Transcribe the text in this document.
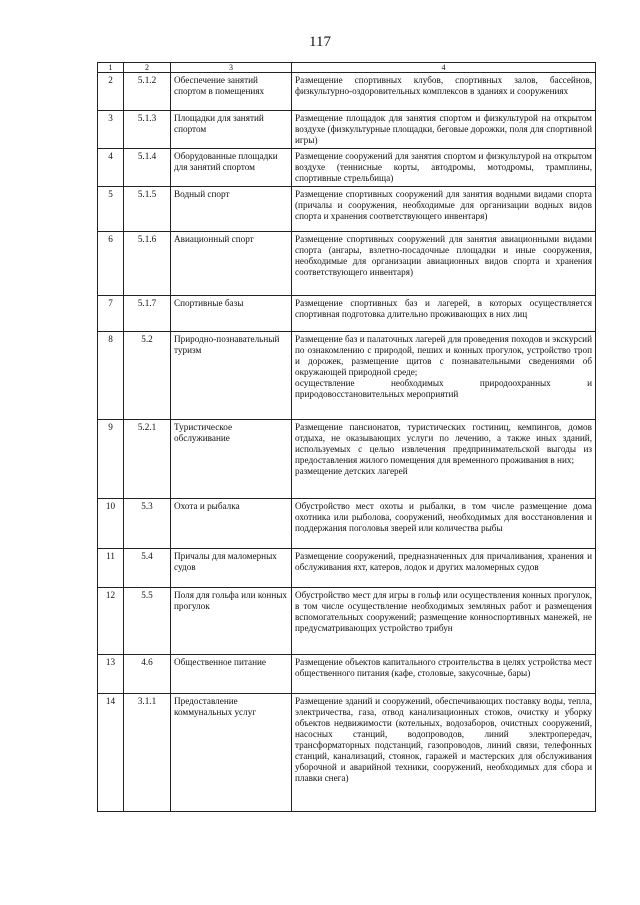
117
1	2	3	4
2	5.1.2	Обеспечение занятий спортом в помещениях	Размещение спортивных клубов, спортивных залов, бассейнов, физкультурно-оздоровительных комплексов в зданиях и сооружениях

3	5.1.3	Площадки для занятий спортом	Размещение площадок для занятия спортом и физкультурой на открытом воздухе (физкультурные площадки, беговые дорожки, поля для спортивной игры)

4	5.1.4	Оборудованные площадки для занятий спортом	Размещение сооружений для занятия спортом и физкультурой на открытом воздухе (теннисные корты, автодромы, мотодромы, трамплины, спортивные стрельбища)

5	5.1.5	Водный спорт	Размещение спортивных сооружений для занятия водными видами спорта (причалы и сооружения, необходимые для организации водных видов спорта и хранения соответствующего инвентаря)

6	5.1.6	Авиационный спорт	Размещение спортивных сооружений для занятия авиационными видами спорта (ангары, взлетно-посадочные площадки и иные сооружения, необходимые для организации авиационных видов спорта и хранения соответствующего инвентаря)

7	5.1.7	Спортивные базы	Размещение спортивных баз и лагерей, в которых осуществляется спортивная подготовка длительно проживающих в них лиц

8	5.2	Природно-познавательный туризм	Размещение баз и палаточных лагерей для проведения походов и экскурсий по ознакомлению с природой, пеших и конных прогулок, устройство троп и дорожек, размещение щитов с познавательными сведениями об окружающей природной среде;
осуществление необходимых природоохранных и природовосстановительных мероприятий

9	5.2.1	Туристическое обслуживание	Размещение пансионатов, туристических гостиниц, кемпингов, домов отдыха, не оказывающих услуги по лечению, а также иных зданий, используемых с целью извлечения предпринимательской выгоды из предоставления жилого помещения для временного проживания в них;
размещение детских лагерей

10	5.3	Охота и рыбалка	Обустройство мест охоты и рыбалки, в том числе размещение дома охотника или рыболова, сооружений, необходимых для восстановления и поддержания поголовья зверей или количества рыбы

11	5.4	Причалы для маломерных судов	Размещение сооружений, предназначенных для причаливания, хранения и обслуживания яхт, катеров, лодок и других маломерных судов

12	5.5	Поля для гольфа или конных прогулок	Обустройство мест для игры в гольф или осуществления конных прогулок, в том числе осуществление необходимых земляных работ и размещения вспомогательных сооружений; размещение конноспортивных манежей, не предусматривающих устройство трибун

13	4.6	Общественное питание	Размещение объектов капитального строительства в целях устройства мест общественного питания (кафе, столовые, закусочные, бары)

14	3.1.1	Предоставление коммунальных услуг	Размещение зданий и сооружений, обеспечивающих поставку воды, тепла, электричества, газа, отвод канализационных стоков, очистку и уборку объектов недвижимости (котельных, водозаборов, очистных сооружений, насосных станций, водопроводов, линий электропередач, трансформаторных подстанций, газопроводов, линий связи, телефонных станций, канализаций, стоянок, гаражей и мастерских для обслуживания уборочной и аварийной техники, сооружений, необходимых для сбора и плавки снега)
